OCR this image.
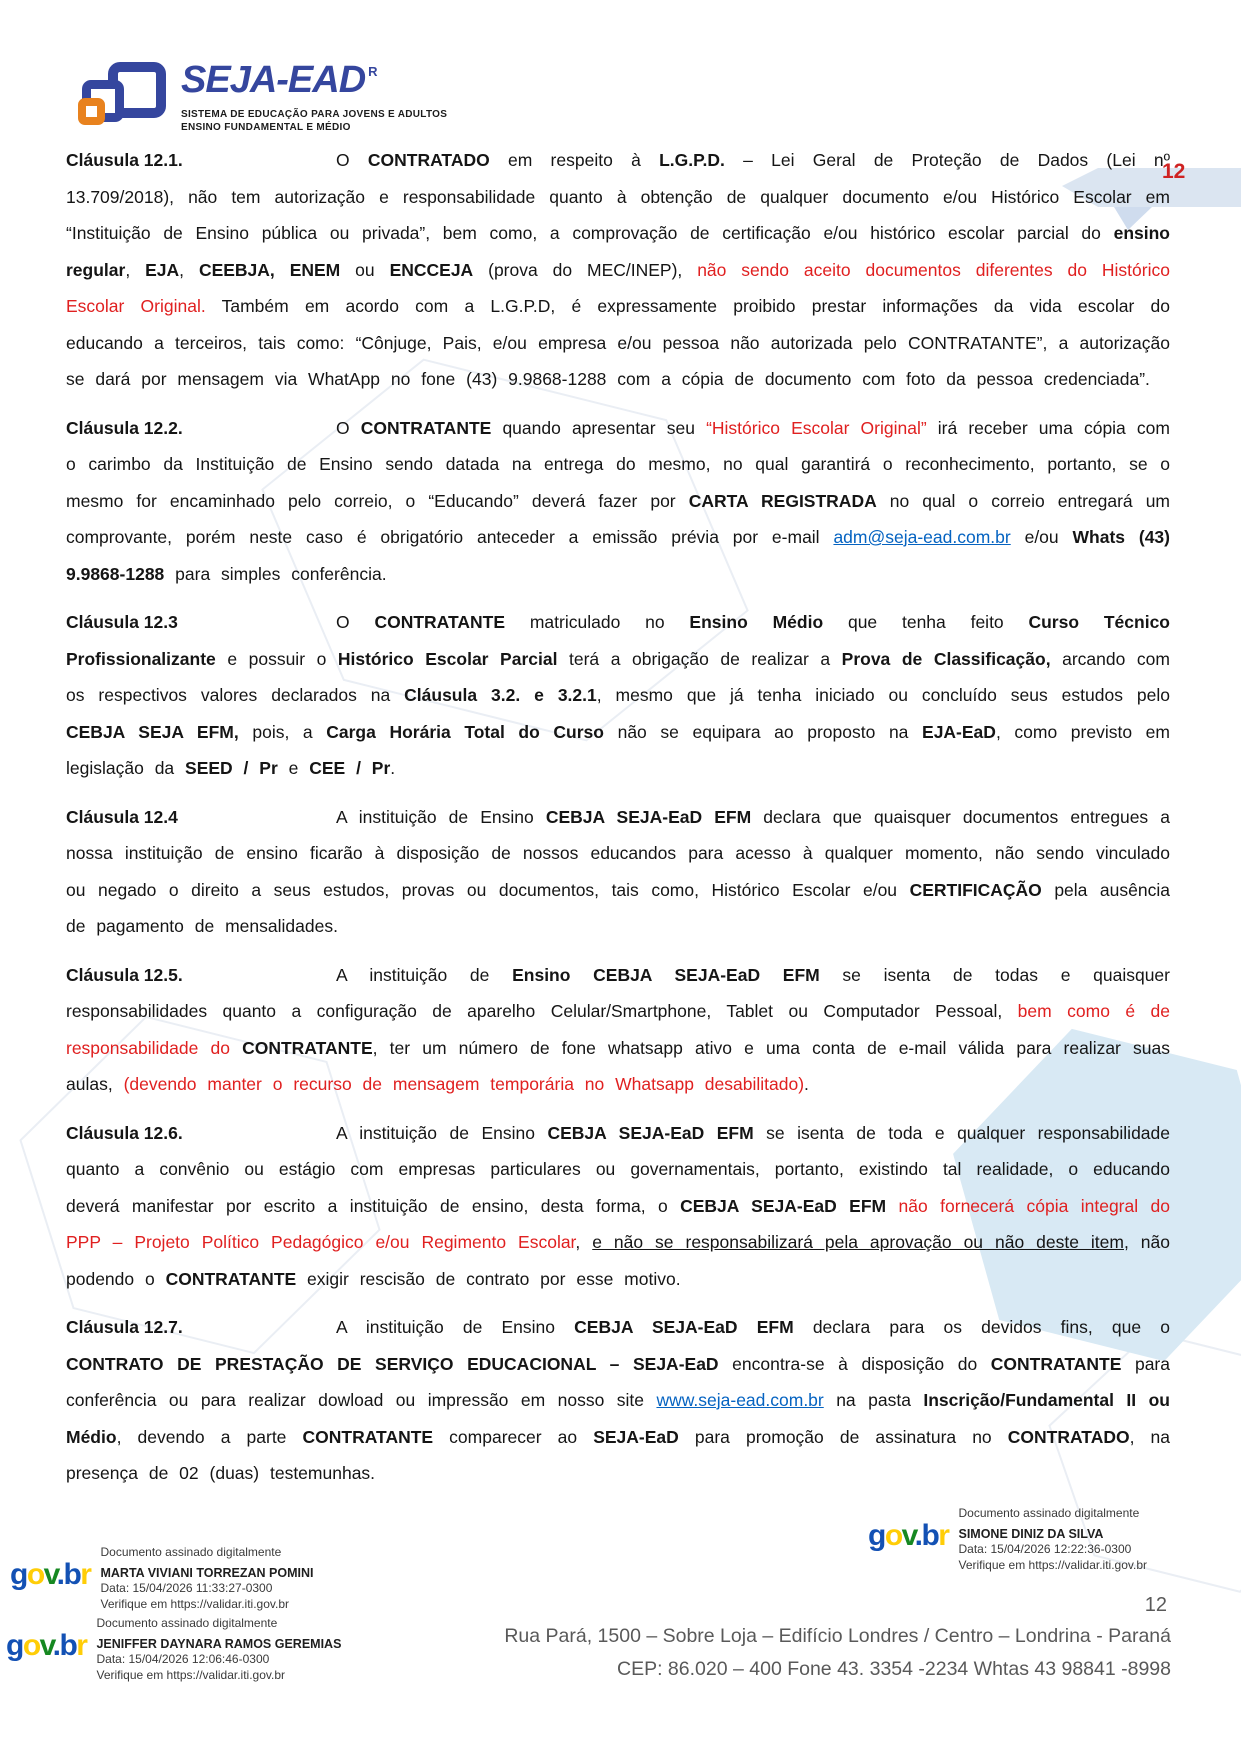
SEJA-EAD $^R$
SISTEMA DE EDUCAÇÃO PARA JOVENS E ADULTOS
ENSINO FUNDAMENTAL E MÉDIO
12

Cláusula 12.1.	O CONTRATADO em respeito à L.G.P.D. – Lei Geral de Proteção de Dados (Lei nº 13.709/2018), não tem autorização e responsabilidade quanto à obtenção de qualquer documento e/ou Histórico Escolar em “Instituição de Ensino pública ou privada”, bem como, a comprovação de certificação e/ou histórico escolar parcial do ensino regular, EJA, CEEBJA, ENEM ou ENCCEJA (prova do MEC/INEP), não sendo aceito documentos diferentes do Histórico Escolar Original. Também em acordo com a L.G.P.D, é expressamente proibido prestar informações da vida escolar do educando a terceiros, tais como: “Cônjuge, Pais, e/ou empresa e/ou pessoa não autorizada pelo CONTRATANTE”, a autorização se dará por mensagem via WhatApp no fone (43) 9.9868-1288 com a cópia de documento com foto da pessoa credenciada”.

Cláusula 12.2.	O CONTRATANTE quando apresentar seu “Histórico Escolar Original” irá receber uma cópia com o carimbo da Instituição de Ensino sendo datada na entrega do mesmo, no qual garantirá o reconhecimento, portanto, se o mesmo for encaminhado pelo correio, o “Educando” deverá fazer por CARTA REGISTRADA no qual o correio entregará um comprovante, porém neste caso é obrigatório anteceder a emissão prévia por e-mail adm@seja-ead.com.br e/ou Whats (43) 9.9868-1288 para simples conferência.

Cláusula 12.3	O CONTRATANTE matriculado no Ensino Médio que tenha feito Curso Técnico Profissionalizante e possuir o Histórico Escolar Parcial terá a obrigação de realizar a Prova de Classificação, arcando com os respectivos valores declarados na Cláusula 3.2. e 3.2.1, mesmo que já tenha iniciado ou concluído seus estudos pelo CEBJA SEJA EFM, pois, a Carga Horária Total do Curso não se equipara ao proposto na EJA-EaD, como previsto em legislação da SEED / Pr e CEE / Pr.

Cláusula 12.4	A instituição de Ensino CEBJA SEJA-EaD EFM declara que quaisquer documentos entregues a nossa instituição de ensino ficarão à disposição de nossos educandos para acesso à qualquer momento, não sendo vinculado ou negado o direito a seus estudos, provas ou documentos, tais como, Histórico Escolar e/ou CERTIFICAÇÃO pela ausência de pagamento de mensalidades.

Cláusula 12.5.	A instituição de Ensino CEBJA SEJA-EaD EFM se isenta de todas e quaisquer responsabilidades quanto a configuração de aparelho Celular/Smartphone, Tablet ou Computador Pessoal, bem como é de responsabilidade do CONTRATANTE, ter um número de fone whatsapp ativo e uma conta de e-mail válida para realizar suas aulas, (devendo manter o recurso de mensagem temporária no Whatsapp desabilitado).

Cláusula 12.6.	A instituição de Ensino CEBJA SEJA-EaD EFM se isenta de toda e qualquer responsabilidade quanto a convênio ou estágio com empresas particulares ou governamentais, portanto, existindo tal realidade, o educando deverá manifestar por escrito a instituição de ensino, desta forma, o CEBJA SEJA-EaD EFM não fornecerá cópia integral do PPP – Projeto Político Pedagógico e/ou Regimento Escolar, e não se responsabilizará pela aprovação ou não deste item, não podendo o CONTRATANTE exigir rescisão de contrato por esse motivo.

Cláusula 12.7.	A instituição de Ensino CEBJA SEJA-EaD EFM declara para os devidos fins, que o CONTRATO DE PRESTAÇÃO DE SERVIÇO EDUCACIONAL – SEJA-EaD encontra-se à disposição do CONTRATANTE para conferência ou para realizar dowload ou impressão em nosso site www.seja-ead.com.br na pasta Inscrição/Fundamental II ou Médio, devendo a parte CONTRATANTE comparecer ao SEJA-EaD para promoção de assinatura no CONTRATADO, na presença de 02 (duas) testemunhas.

gov.br
Documento assinado digitalmente
MARTA VIVIANI TORREZAN POMINI
Data: 15/04/2026 11:33:27-0300
Verifique em https://validar.iti.gov.br
gov.br
Documento assinado digitalmente
JENIFFER DAYNARA RAMOS GEREMIAS
Data: 15/04/2026 12:06:46-0300
Verifique em https://validar.iti.gov.br
gov.br
Documento assinado digitalmente
SIMONE DINIZ DA SILVA
Data: 15/04/2026 12:22:36-0300
Verifique em https://validar.iti.gov.br
12
Rua Pará, 1500 – Sobre Loja – Edifício Londres / Centro – Londrina - Paraná
CEP: 86.020 – 400 Fone 43. 3354 -2234 Whtas 43 98841 -8998
